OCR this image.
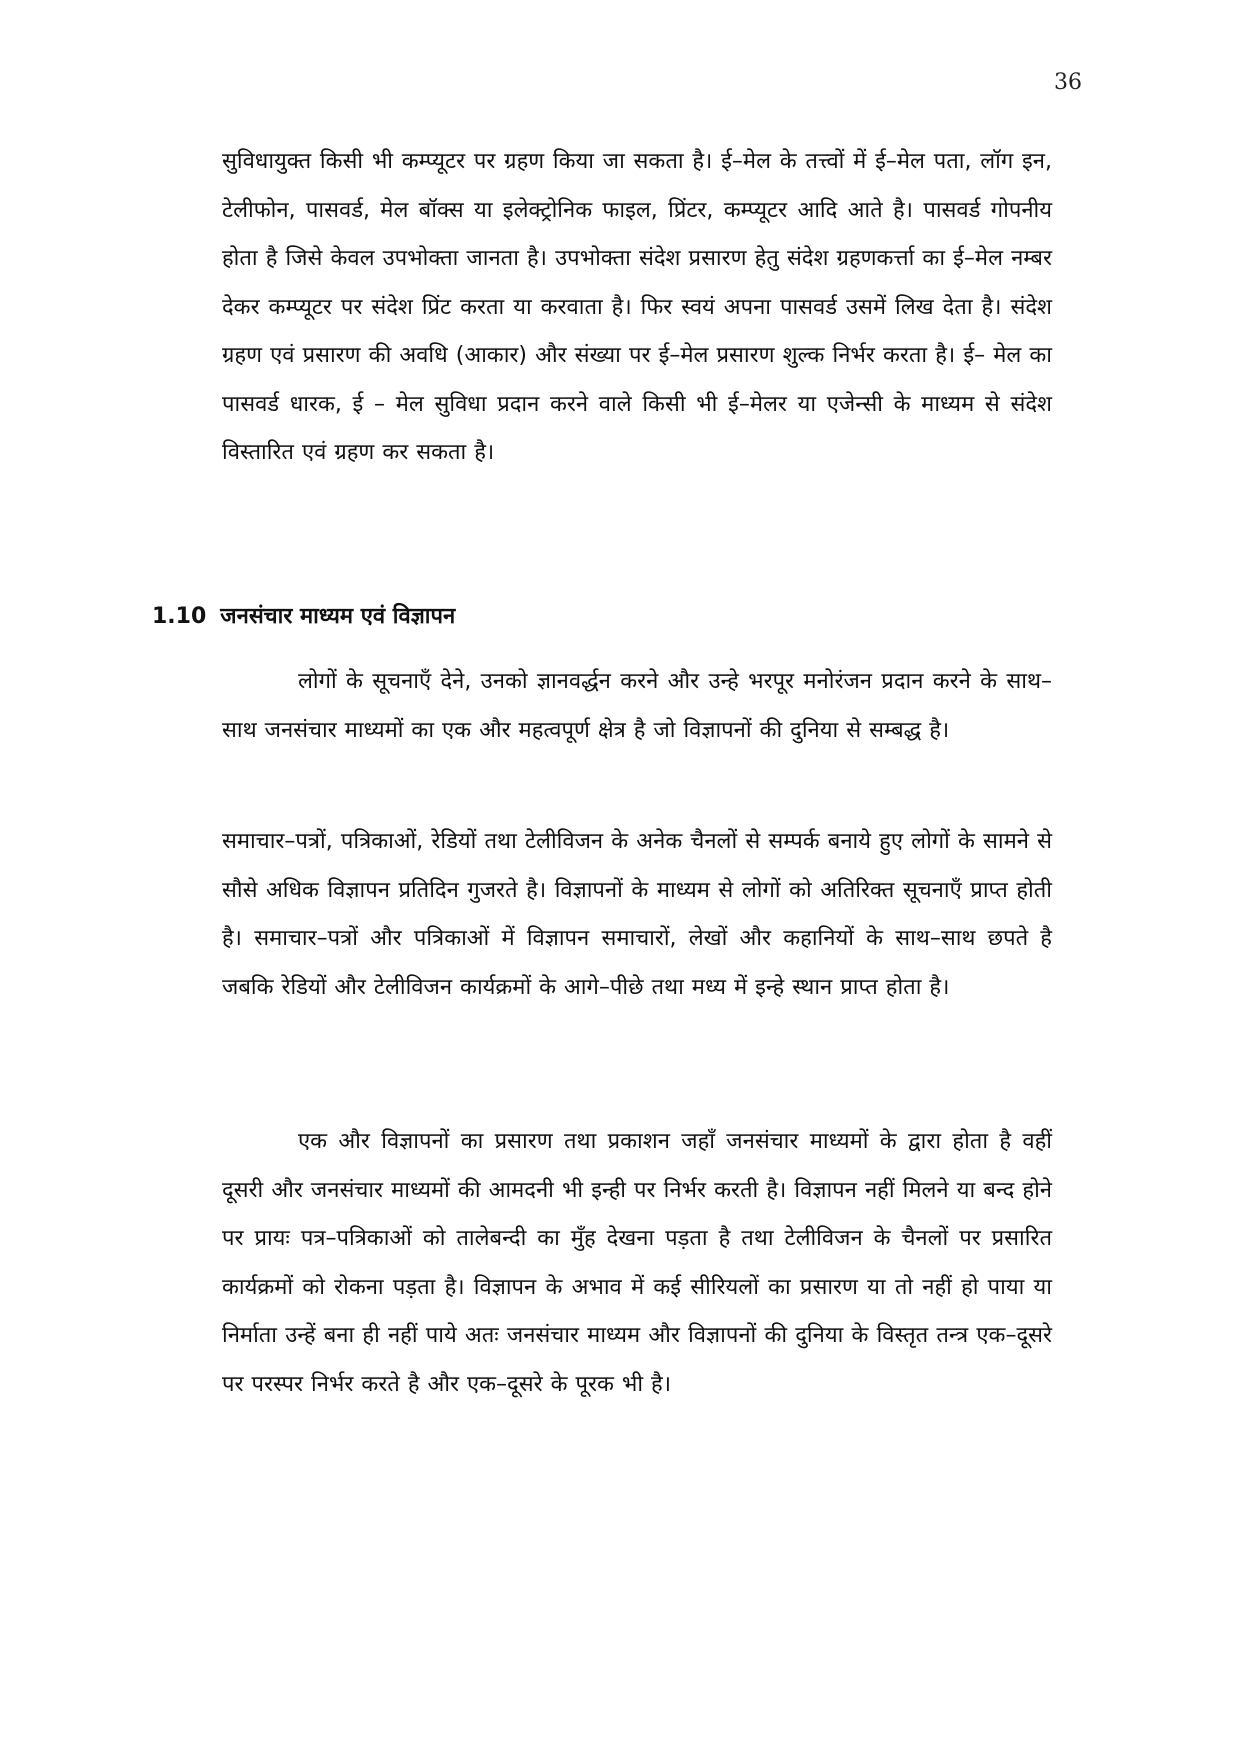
36

सुविधायुक्त किसी भी कम्प्यूटर पर ग्रहण किया जा सकता है। ई–मेल के तत्त्वों में ई–मेल पता, लॉग इन, टेलीफोन, पासवर्ड, मेल बॉक्स या इलेक्ट्रोनिक फाइल, प्रिंटर, कम्प्यूटर आदि आते है। पासवर्ड गोपनीय होता है जिसे केवल उपभोक्ता जानता है। उपभोक्ता संदेश प्रसारण हेतु संदेश ग्रहणकर्त्ता का ई–मेल नम्बर देकर कम्प्यूटर पर संदेश प्रिंट करता या करवाता है। फिर स्वयं अपना पासवर्ड उसमें लिख देता है। संदेश ग्रहण एवं प्रसारण की अवधि (आकार) और संख्या पर ई–मेल प्रसारण शुल्क निर्भर करता है। ई– मेल का पासवर्ड धारक, ई – मेल सुविधा प्रदान करने वाले किसी भी ई–मेलर या एजेन्सी के माध्यम से संदेश विस्तारित एवं ग्रहण कर सकता है।

1.10 जनसंचार माध्यम एवं विज्ञापन

लोगों के सूचनाएँ देने, उनको ज्ञानवर्द्धन करने और उन्हे भरपूर मनोरंजन प्रदान करने के साथ–साथ जनसंचार माध्यमों का एक और महत्वपूर्ण क्षेत्र है जो विज्ञापनों की दुनिया से सम्बद्ध है।

समाचार–पत्रों, पत्रिकाओं, रेडियों तथा टेलीविजन के अनेक चैनलों से सम्पर्क बनाये हुए लोगों के सामने से सौसे अधिक विज्ञापन प्रतिदिन गुजरते है। विज्ञापनों के माध्यम से लोगों को अतिरिक्त सूचनाएँ प्राप्त होती है। समाचार–पत्रों और पत्रिकाओं में विज्ञापन समाचारों, लेखों और कहानियों के साथ–साथ छपते है जबकि रेडियों और टेलीविजन कार्यक्रमों के आगे–पीछे तथा मध्य में इन्हे स्थान प्राप्त होता है।

एक और विज्ञापनों का प्रसारण तथा प्रकाशन जहाँ जनसंचार माध्यमों के द्वारा होता है वहीं दूसरी और जनसंचार माध्यमों की आमदनी भी इन्ही पर निर्भर करती है। विज्ञापन नहीं मिलने या बन्द होने पर प्रायः पत्र–पत्रिकाओं को तालेबन्दी का मुँह देखना पड़ता है तथा टेलीविजन के चैनलों पर प्रसारित कार्यक्रमों को रोकना पड़ता है। विज्ञापन के अभाव में कई सीरियलों का प्रसारण या तो नहीं हो पाया या निर्माता उन्हें बना ही नहीं पाये अतः जनसंचार माध्यम और विज्ञापनों की दुनिया के विस्तृत तन्त्र एक–दूसरे पर परस्पर निर्भर करते है और एक–दूसरे के पूरक भी है।
